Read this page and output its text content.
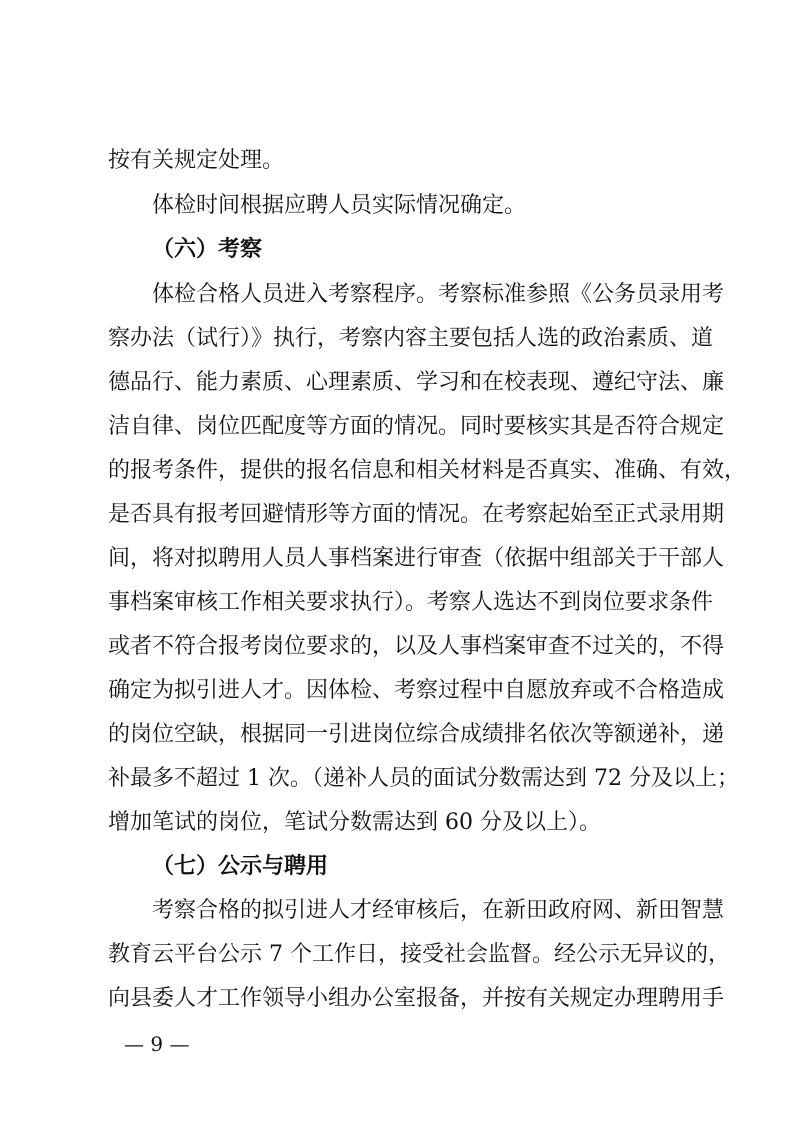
按有关规定处理。
体检时间根据应聘人员实际情况确定。
（六）考察
体检合格人员进入考察程序。考察标准参照《公务员录用考
察办法（试行）》执行，考察内容主要包括人选的政治素质、道
德品行、能力素质、心理素质、学习和在校表现、遵纪守法、廉
洁自律、岗位匹配度等方面的情况。同时要核实其是否符合规定
的报考条件，提供的报名信息和相关材料是否真实、准确、有效，
是否具有报考回避情形等方面的情况。在考察起始至正式录用期
间，将对拟聘用人员人事档案进行审查（依据中组部关于干部人
事档案审核工作相关要求执行）。考察人选达不到岗位要求条件
或者不符合报考岗位要求的，以及人事档案审查不过关的，不得
确定为拟引进人才。因体检、考察过程中自愿放弃或不合格造成
的岗位空缺，根据同一引进岗位综合成绩排名依次等额递补，递
补最多不超过 1 次。（递补人员的面试分数需达到 72 分及以上；
增加笔试的岗位，笔试分数需达到 60 分及以上）。
（七）公示与聘用
考察合格的拟引进人才经审核后，在新田政府网、新田智慧
教育云平台公示 7 个工作日，接受社会监督。经公示无异议的，
向县委人才工作领导小组办公室报备，并按有关规定办理聘用手
— 9 —
